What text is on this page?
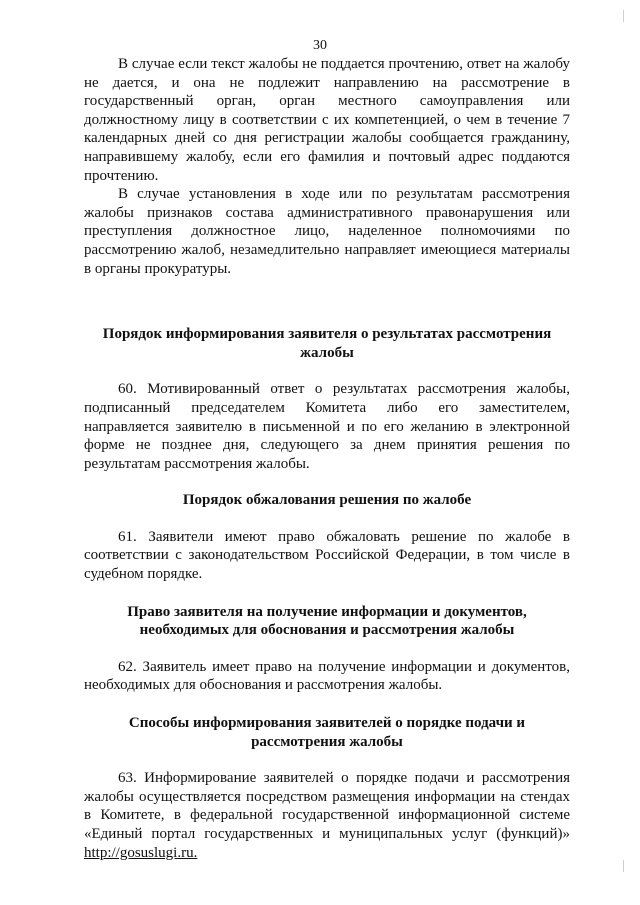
30

В случае если текст жалобы не поддается прочтению, ответ на жалобу не дается, и она не подлежит направлению на рассмотрение в государственный орган, орган местного самоуправления или должностному лицу в соответствии с их компетенцией, о чем в течение 7 календарных дней со дня регистрации жалобы сообщается гражданину, направившему жалобу, если его фамилия и почтовый адрес поддаются прочтению.

В случае установления в ходе или по результатам рассмотрения жалобы признаков состава административного правонарушения или преступления должностное лицо, наделенное полномочиями по рассмотрению жалоб, незамедлительно направляет имеющиеся материалы в органы прокуратуры.

Порядок информирования заявителя о результатах рассмотрения жалобы

60. Мотивированный ответ о результатах рассмотрения жалобы, подписанный председателем Комитета либо его заместителем, направляется заявителю в письменной и по его желанию в электронной форме не позднее дня, следующего за днем принятия решения по результатам рассмотрения жалобы.

Порядок обжалования решения по жалобе

61. Заявители имеют право обжаловать решение по жалобе в соответствии с законодательством Российской Федерации, в том числе в судебном порядке.

Право заявителя на получение информации и документов, необходимых для обоснования и рассмотрения жалобы

62. Заявитель имеет право на получение информации и документов, необходимых для обоснования и рассмотрения жалобы.

Способы информирования заявителей о порядке подачи и рассмотрения жалобы

63. Информирование заявителей о порядке подачи и рассмотрения жалобы осуществляется посредством размещения информации на стендах в Комитете, в федеральной государственной информационной системе «Единый портал государственных и муниципальных услуг (функций)» http://gosuslugi.ru.
